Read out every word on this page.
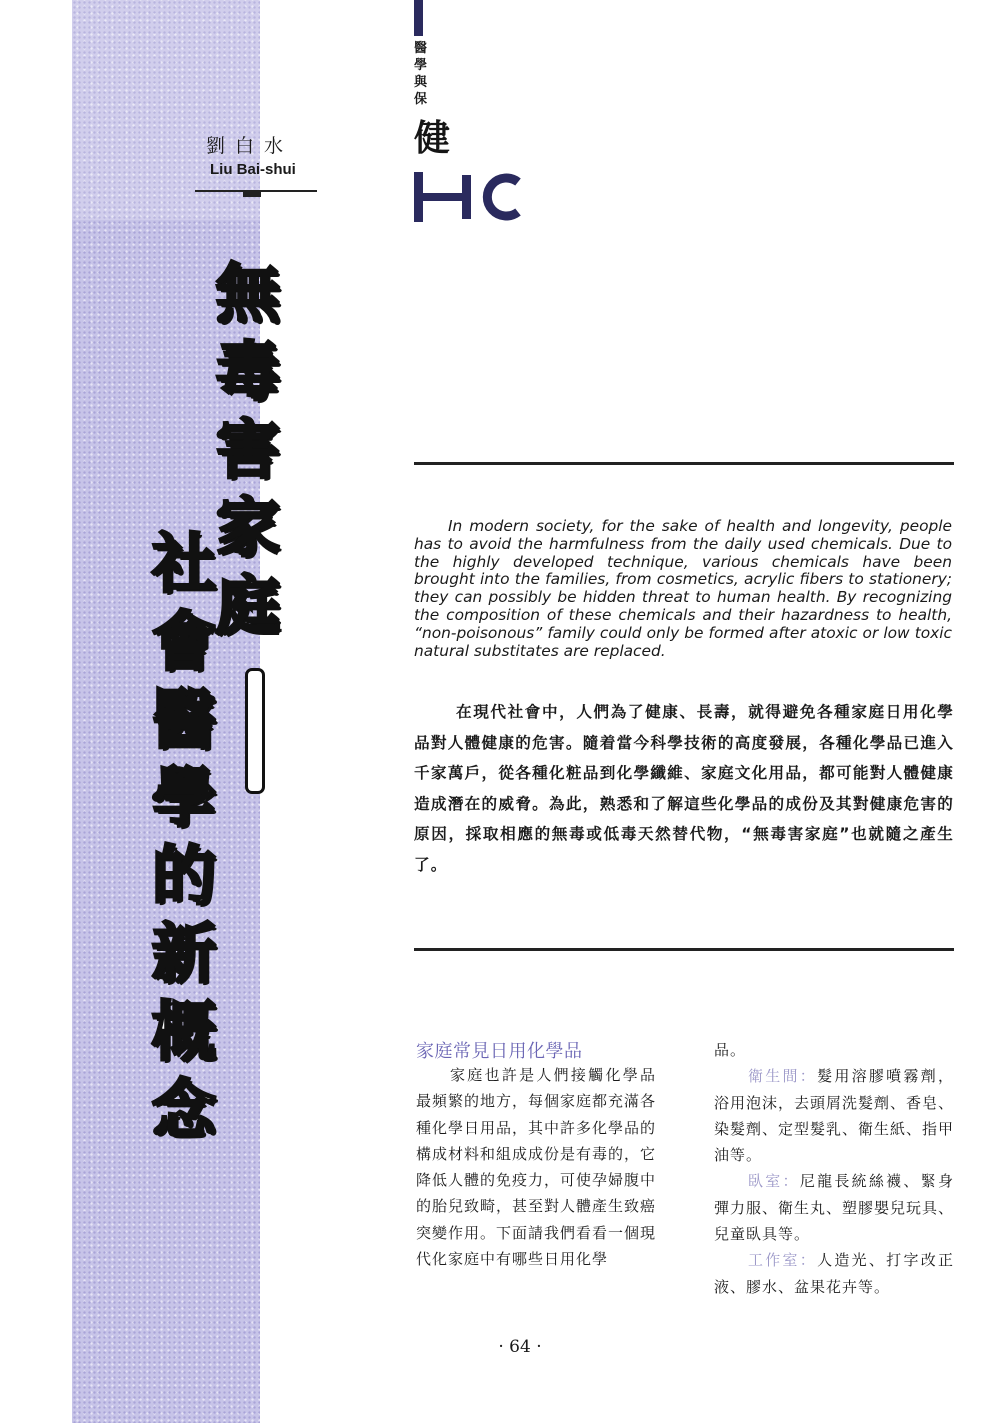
劉白水
Liu Bai-shui
醫學與保
健
無
毒
害
家
庭
社
會
醫
學
的
新
概
念
In modern society, for the sake of health and longevity, people has to avoid the harmfulness from the daily used chemicals. Due to the highly developed technique, various chemicals have been brought into the families, from cosmetics, acrylic fibers to stationery; they can possibly be hidden threat to human health. By recognizing the composition of these chemicals and their hazardness to health, “non-poisonous” family could only be formed after atoxic or low toxic natural substitates are replaced.
在現代社會中，人們為了健康、長壽，就得避免各種家庭日用化學品對人體健康的危害。隨着當今科學技術的高度發展，各種化學品已進入千家萬戶，從各種化粧品到化學纖維、家庭文化用品，都可能對人體健康造成潛在的威脅。為此，熟悉和了解這些化學品的成份及其對健康危害的原因，採取相應的無毒或低毒天然替代物，“無毒害家庭”也就隨之產生了。
家庭常見日用化學品
家庭也許是人們接觸化學品最頻繁的地方，每個家庭都充滿各種化學日用品，其中許多化學品的構成材料和組成成份是有毒的，它降低人體的免疫力，可使孕婦腹中的胎兒致畸，甚至對人體產生致癌突變作用。下面請我們看看一個現代化家庭中有哪些日用化學

品。

衛生間：髮用溶膠噴霧劑，浴用泡沫，去頭屑洗髮劑、香皂、染髮劑、定型髮乳、衛生紙、指甲油等。

臥室：尼龍長統絲襪、緊身彈力服、衛生丸、塑膠嬰兒玩具、兒童臥具等。

工作室：人造光、打字改正液、膠水、盆果花卉等。

· 64 ·
